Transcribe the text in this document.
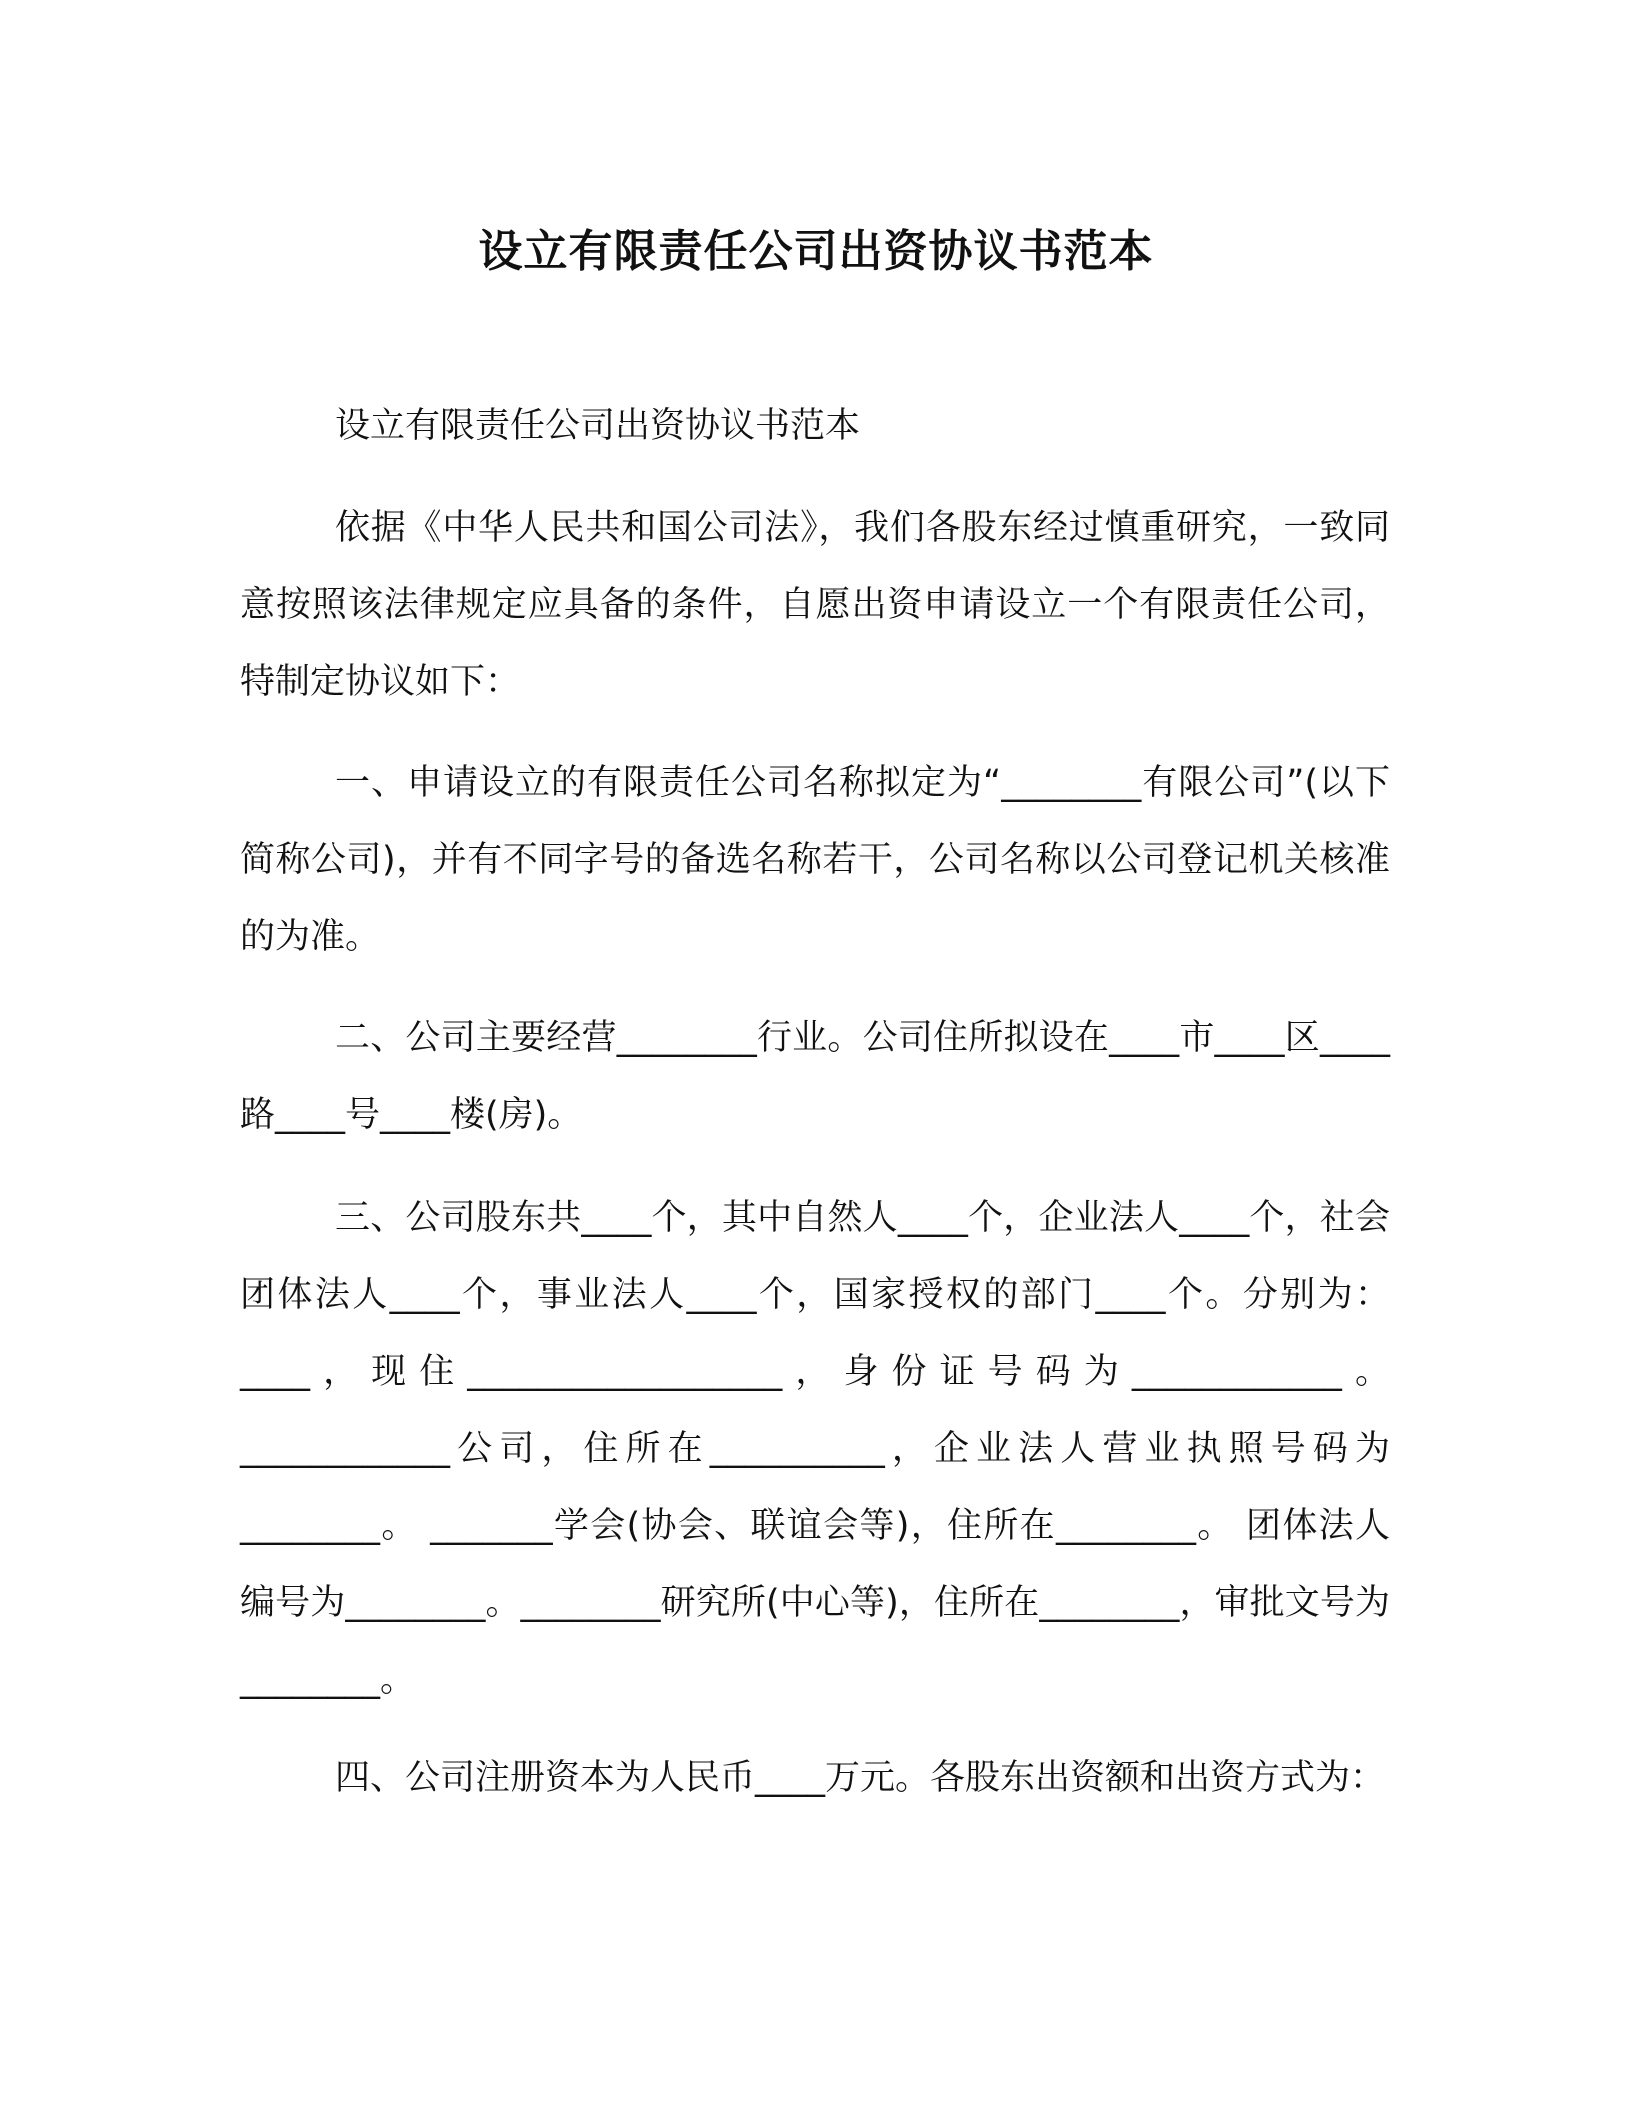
设立有限责任公司出资协议书范本

设立有限责任公司出资协议书范本

依据《中华人民共和国公司法》，我们各股东经过慎重研究，一致同意按照该法律规定应具备的条件，自愿出资申请设立一个有限责任公司，特制定协议如下：

一、申请设立的有限责任公司名称拟定为“________有限公司”(以下简称公司)，并有不同字号的备选名称若干，公司名称以公司登记机关核准的为准。

二、公司主要经营________行业。公司住所拟设在____市____区____路____号____楼(房)。

三、公司股东共____个，其中自然人____个，企业法人____个，社会团体法人____个，事业法人____个，国家授权的部门____个。分别为：____，现住__________________，身份证号码为____________。____________公司，住所在__________，企业法人营业执照号码为________。 _______学会(协会、联谊会等)，住所在________。 团体法人编号为________。________研究所(中心等)，住所在________，审批文号为________。

四、公司注册资本为人民币____万元。各股东出资额和出资方式为：
